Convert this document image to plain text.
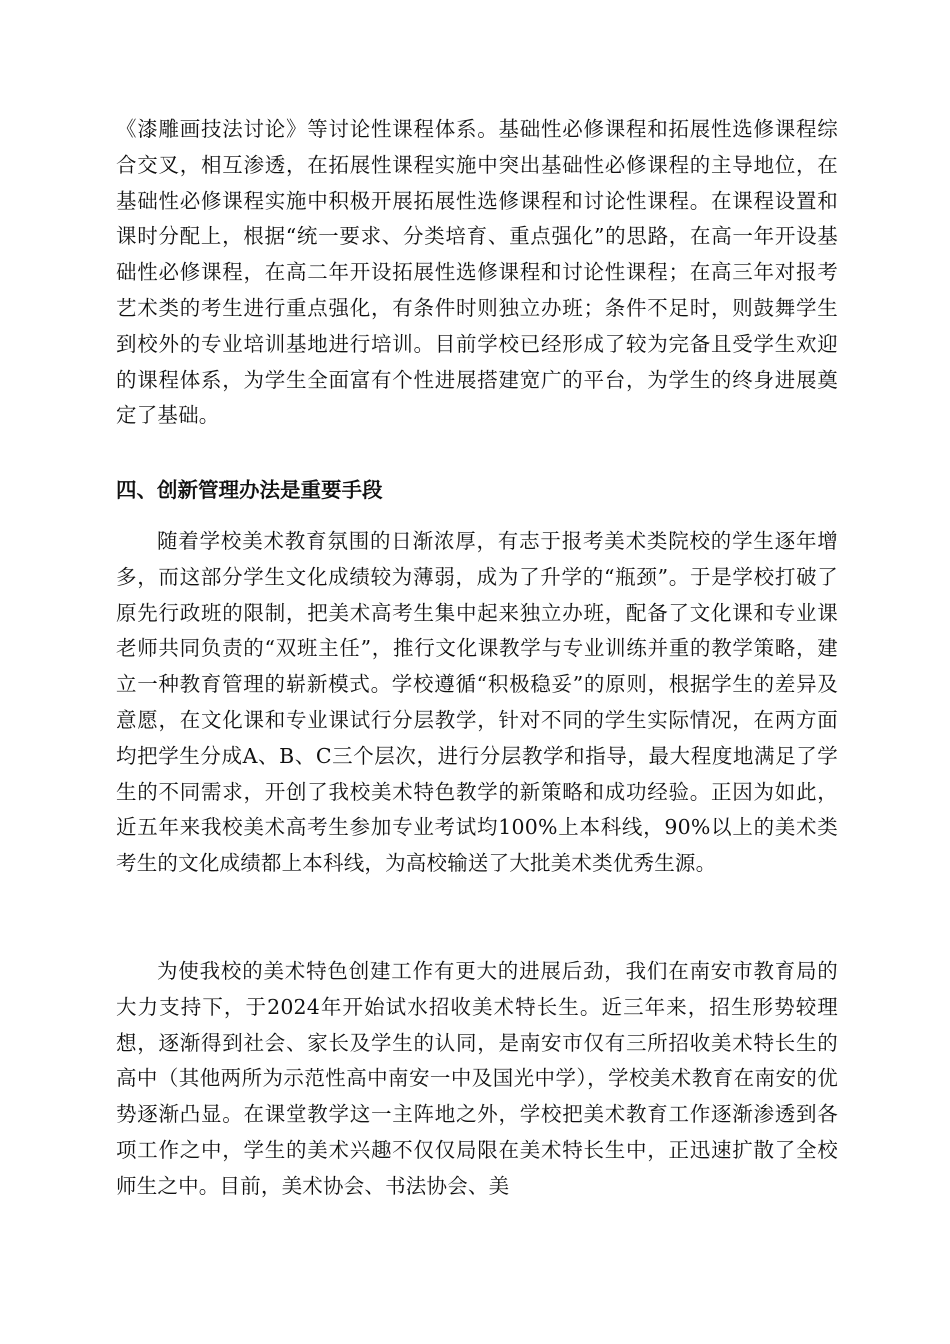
《漆雕画技法讨论》等讨论性课程体系。基础性必修课程和拓展性选修课程综合交叉，相互渗透，在拓展性课程实施中突出基础性必修课程的主导地位，在基础性必修课程实施中积极开展拓展性选修课程和讨论性课程。在课程设置和课时分配上，根据“统一要求、分类培育、重点强化”的思路，在高一年开设基础性必修课程，在高二年开设拓展性选修课程和讨论性课程；在高三年对报考艺术类的考生进行重点强化，有条件时则独立办班；条件不足时，则鼓舞学生到校外的专业培训基地进行培训。目前学校已经形成了较为完备且受学生欢迎的课程体系，为学生全面富有个性进展搭建宽广的平台，为学生的终身进展奠定了基础。

四、创新管理办法是重要手段

随着学校美术教育氛围的日渐浓厚，有志于报考美术类院校的学生逐年增多，而这部分学生文化成绩较为薄弱，成为了升学的“瓶颈”。于是学校打破了原先行政班的限制，把美术高考生集中起来独立办班，配备了文化课和专业课老师共同负责的“双班主任”，推行文化课教学与专业训练并重的教学策略，建立一种教育管理的崭新模式。学校遵循“积极稳妥”的原则，根据学生的差异及意愿，在文化课和专业课试行分层教学，针对不同的学生实际情况，在两方面均把学生分成A、B、C三个层次，进行分层教学和指导，最大程度地满足了学生的不同需求，开创了我校美术特色教学的新策略和成功经验。正因为如此，近五年来我校美术高考生参加专业考试均100%上本科线，90%以上的美术类考生的文化成绩都上本科线，为高校输送了大批美术类优秀生源。

为使我校的美术特色创建工作有更大的进展后劲，我们在南安市教育局的大力支持下，于2024年开始试水招收美术特长生。近三年来，招生形势较理想，逐渐得到社会、家长及学生的认同，是南安市仅有三所招收美术特长生的高中（其他两所为示范性高中南安一中及国光中学），学校美术教育在南安的优势逐渐凸显。在课堂教学这一主阵地之外，学校把美术教育工作逐渐渗透到各项工作之中，学生的美术兴趣不仅仅局限在美术特长生中，正迅速扩散了全校师生之中。目前，美术协会、书法协会、美
